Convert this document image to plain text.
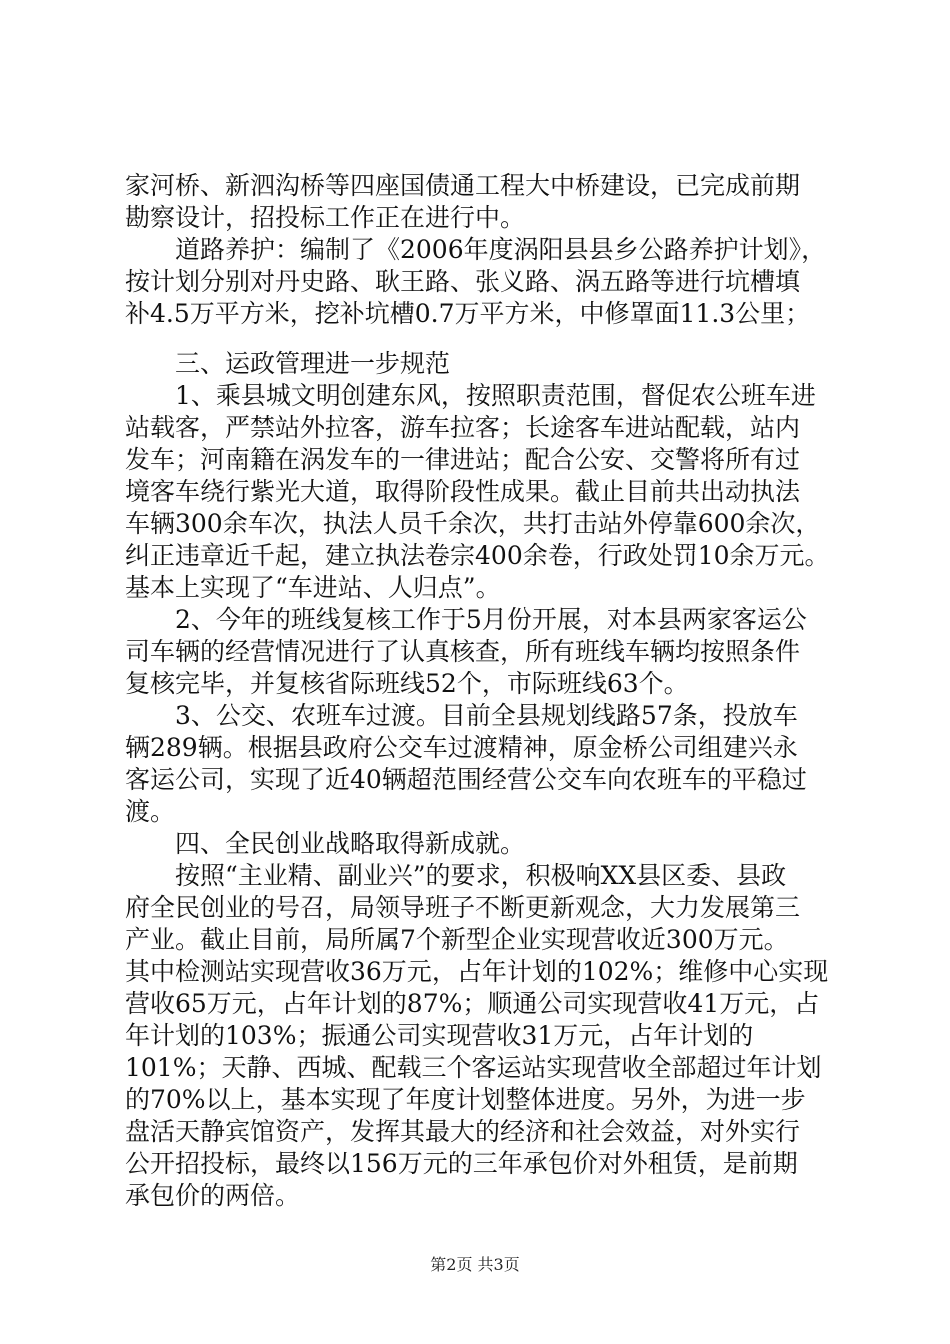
家河桥、新泗沟桥等四座国债通工程大中桥建设，已完成前期
勘察设计，招投标工作正在进行中。
道路养护：编制了《2006年度涡阳县县乡公路养护计划》，
按计划分别对丹史路、耿王路、张义路、涡五路等进行坑槽填
补4.5万平方米，挖补坑槽0.7万平方米，中修罩面11.3公里；
三、运政管理进一步规范
1、乘县城文明创建东风，按照职责范围，督促农公班车进
站载客，严禁站外拉客，游车拉客；长途客车进站配载，站内
发车；河南籍在涡发车的一律进站；配合公安、交警将所有过
境客车绕行紫光大道，取得阶段性成果。截止目前共出动执法
车辆300余车次，执法人员千余次，共打击站外停靠600余次，
纠正违章近千起，建立执法卷宗400余卷，行政处罚10余万元。
基本上实现了“车进站、人归点”。
2、今年的班线复核工作于5月份开展，对本县两家客运公
司车辆的经营情况进行了认真核查，所有班线车辆均按照条件
复核完毕，并复核省际班线52个，市际班线63个。
3、公交、农班车过渡。目前全县规划线路57条，投放车
辆289辆。根据县政府公交车过渡精神，原金桥公司组建兴永
客运公司，实现了近40辆超范围经营公交车向农班车的平稳过
渡。
四、全民创业战略取得新成就。
按照“主业精、副业兴”的要求，积极响XX县区委、县政
府全民创业的号召，局领导班子不断更新观念，大力发展第三
产业。截止目前，局所属7个新型企业实现营收近300万元。
其中检测站实现营收36万元，占年计划的102%；维修中心实现
营收65万元，占年计划的87%；顺通公司实现营收41万元，占
年计划的103%；振通公司实现营收31万元，占年计划的
101%；天静、西城、配载三个客运站实现营收全部超过年计划
的70%以上，基本实现了年度计划整体进度。另外，为进一步
盘活天静宾馆资产，发挥其最大的经济和社会效益，对外实行
公开招投标，最终以156万元的三年承包价对外租赁，是前期
承包价的两倍。
第2页 共3页
